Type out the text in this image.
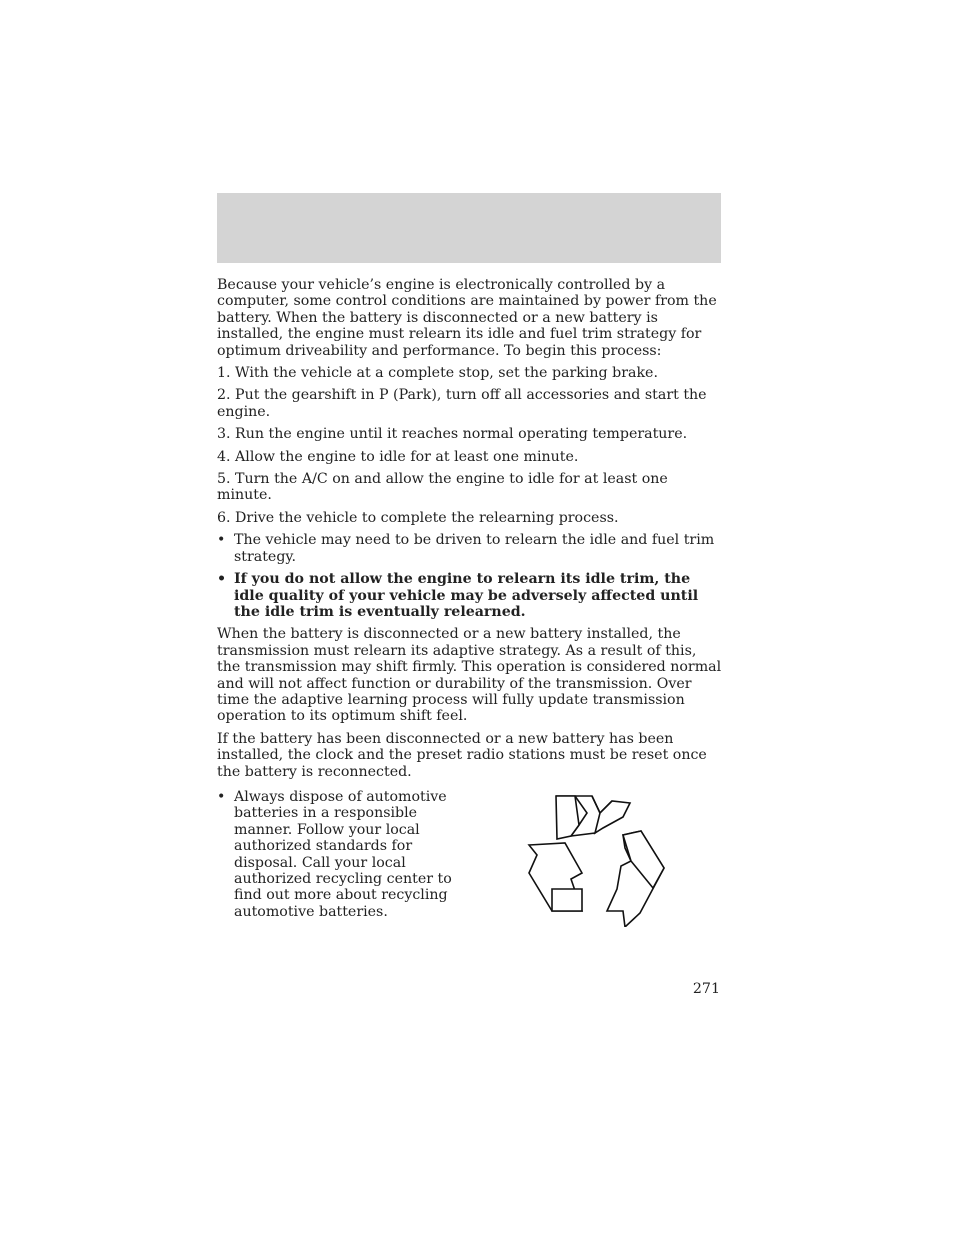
Because your vehicle’s engine is electronically controlled by a computer, some control conditions are maintained by power from the battery. When the battery is disconnected or a new battery is installed, the engine must relearn its idle and fuel trim strategy for optimum driveability and performance. To begin this process:

1. With the vehicle at a complete stop, set the parking brake.

2. Put the gearshift in P (Park), turn off all accessories and start the engine.

3. Run the engine until it reaches normal operating temperature.

4. Allow the engine to idle for at least one minute.

5. Turn the A/C on and allow the engine to idle for at least one minute.

6. Drive the vehicle to complete the relearning process.

• The vehicle may need to be driven to relearn the idle and fuel trim strategy.
• If you do not allow the engine to relearn its idle trim, the idle quality of your vehicle may be adversely affected until the idle trim is eventually relearned.

When the battery is disconnected or a new battery installed, the transmission must relearn its adaptive strategy. As a result of this, the transmission may shift firmly. This operation is considered normal and will not affect function or durability of the transmission. Over time the adaptive learning process will fully update transmission operation to its optimum shift feel.

If the battery has been disconnected or a new battery has been installed, the clock and the preset radio stations must be reset once the battery is reconnected.

• Always dispose of automotive batteries in a responsible manner. Follow your local authorized standards for disposal. Call your local authorized recycling center to find out more about recycling automotive batteries.
271
